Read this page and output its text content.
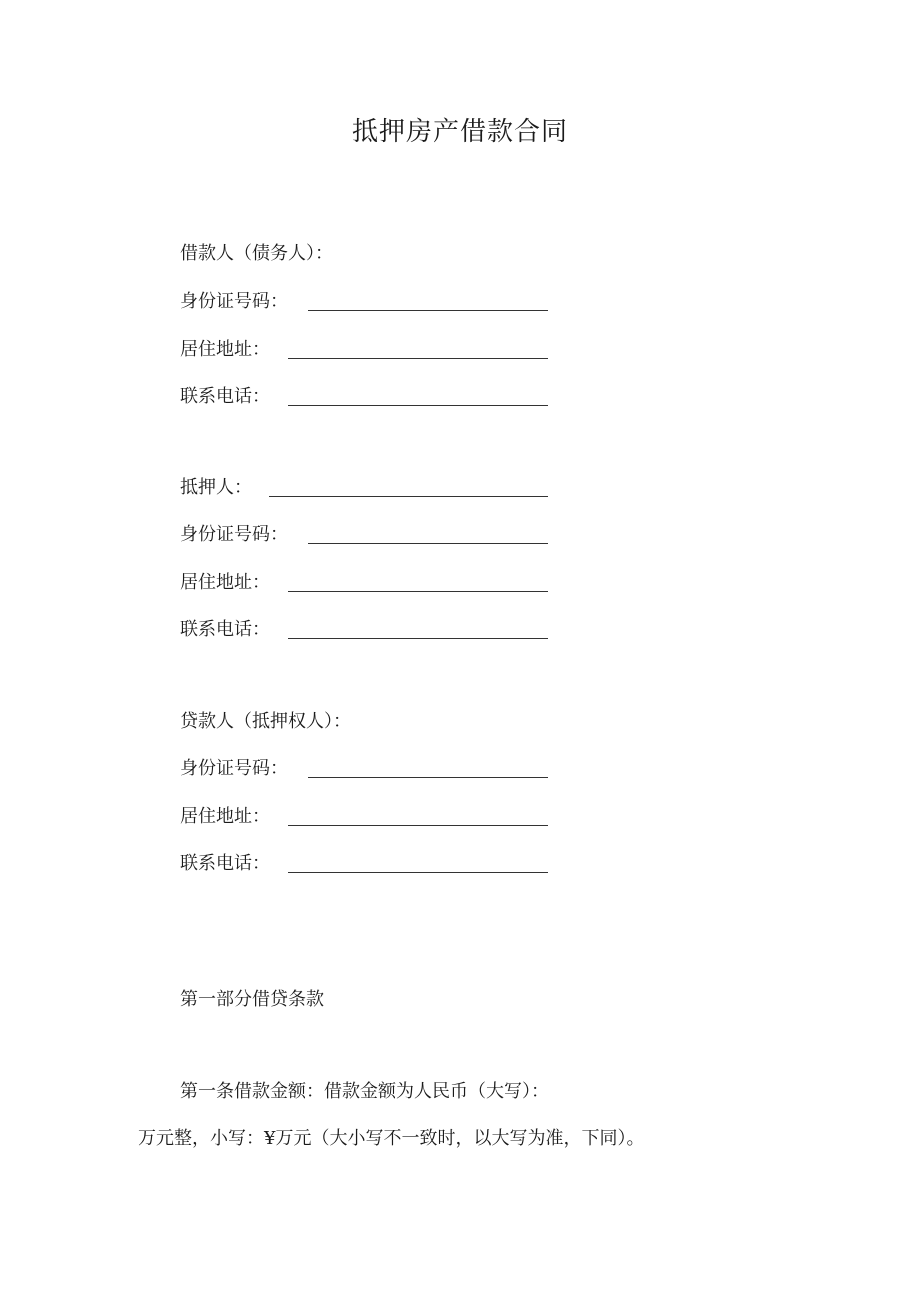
抵押房产借款合同
借款人（债务人）：
身份证号码：
居住地址：
联系电话：
抵押人：
身份证号码：
居住地址：
联系电话：
贷款人（抵押权人）：
身份证号码：
居住地址：
联系电话：
第一部分借贷条款
第一条借款金额：借款金额为人民币（大写）：
万元整，小写：¥万元（大小写不一致时，以大写为准，下同）。
